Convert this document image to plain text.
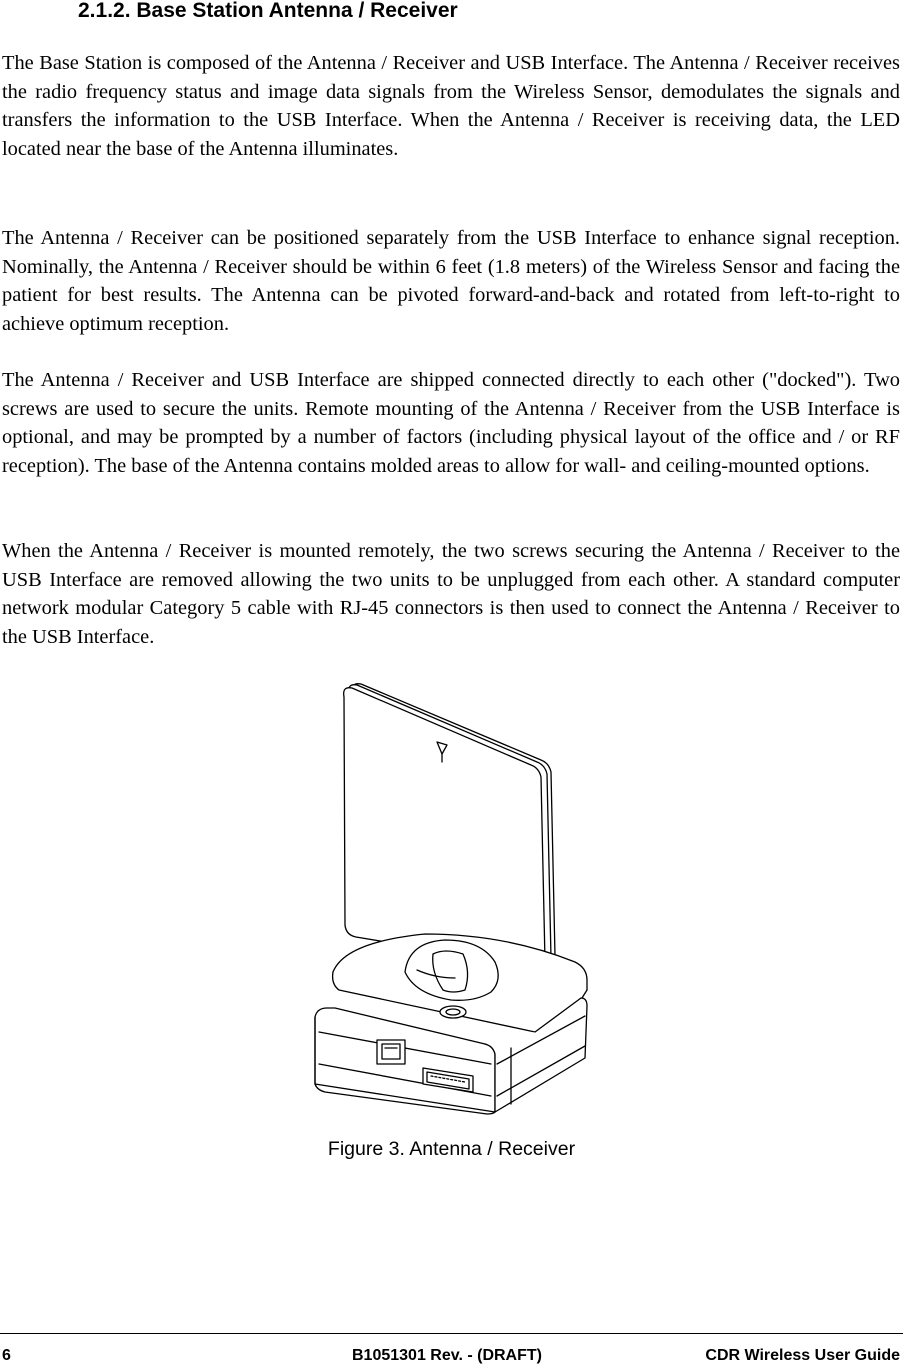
2.1.2. Base Station Antenna / Receiver

The Base Station is composed of the Antenna / Receiver and USB Interface. The Antenna / Receiver receives the radio frequency status and image data signals from the Wireless Sensor, demodulates the signals and transfers the information to the USB Interface. When the Antenna / Receiver is receiving data, the LED located near the base of the Antenna illuminates.

The Antenna / Receiver can be positioned separately from the USB Interface to enhance signal reception. Nominally, the Antenna / Receiver should be within 6 feet (1.8 meters) of the Wireless Sensor and facing the patient for best results. The Antenna can be pivoted forward-and-back and rotated from left-to-right to achieve optimum reception.

The Antenna / Receiver and USB Interface are shipped connected directly to each other ("docked"). Two screws are used to secure the units. Remote mounting of the Antenna / Receiver from the USB Interface is optional, and may be prompted by a number of factors (including physical layout of the office and / or RF reception). The base of the Antenna contains molded areas to allow for wall- and ceiling-mounted options.

When the Antenna / Receiver is mounted remotely, the two screws securing the Antenna / Receiver to the USB Interface are removed allowing the two units to be unplugged from each other. A standard computer network modular Category 5 cable with RJ-45 connectors is then used to connect the Antenna / Receiver to the USB Interface.

Figure 3. Antenna / Receiver

6	B1051301 Rev. - (DRAFT)	CDR Wireless User Guide
